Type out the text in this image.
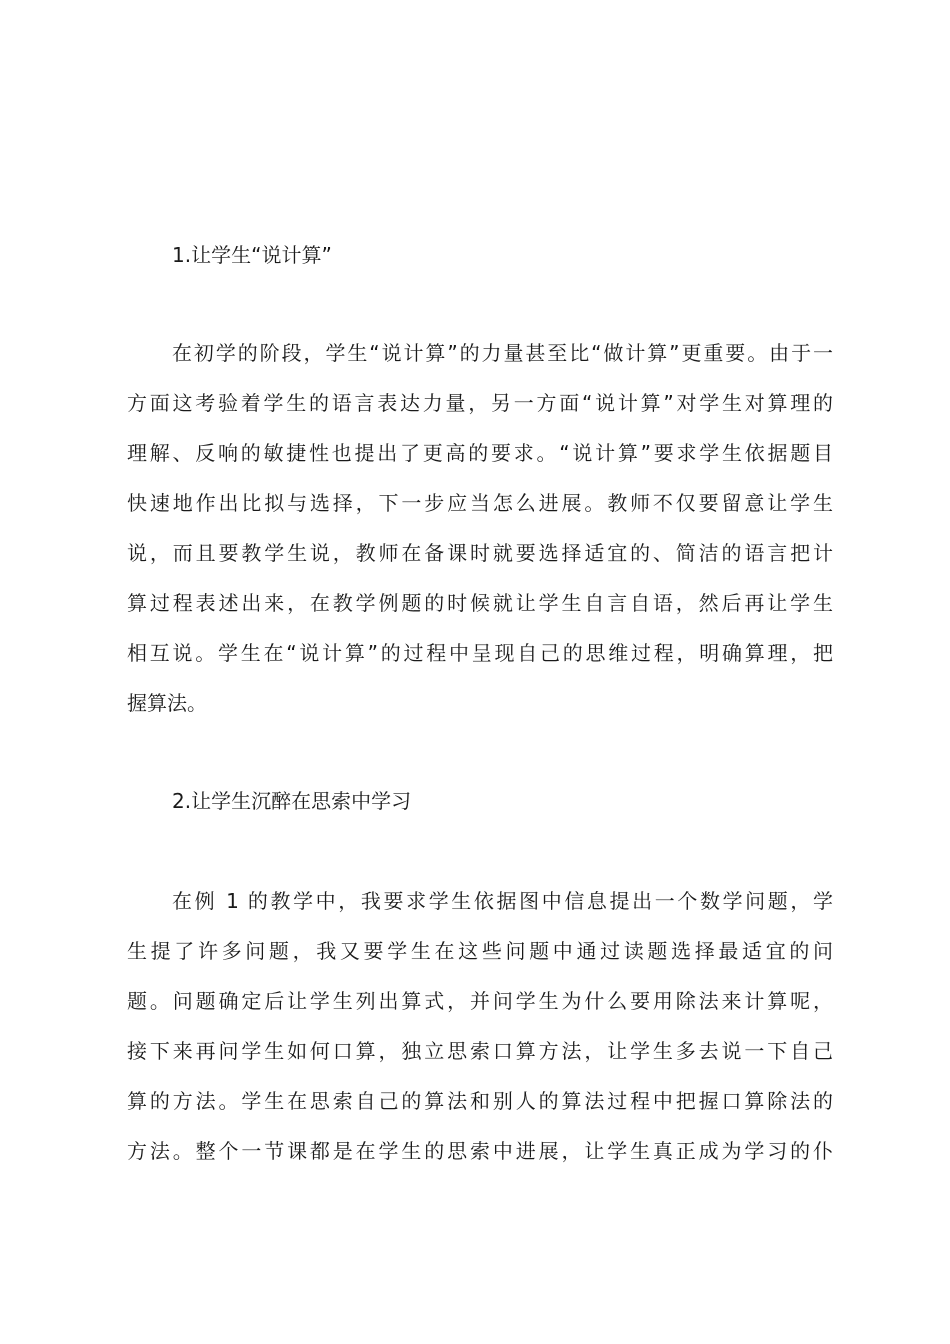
1.让学生“说计算”

在初学的阶段，学生“说计算”的力量甚至比“做计算”更重要。由于一

方面这考验着学生的语言表达力量，另一方面“说计算”对学生对算理的

理解、反响的敏捷性也提出了更高的要求。“说计算”要求学生依据题目

快速地作出比拟与选择，下一步应当怎么进展。教师不仅要留意让学生

说，而且要教学生说，教师在备课时就要选择适宜的、简洁的语言把计

算过程表述出来，在教学例题的时候就让学生自言自语，然后再让学生

相互说。学生在“说计算”的过程中呈现自己的思维过程，明确算理，把

握算法。

2.让学生沉醉在思索中学习

在例 1 的教学中，我要求学生依据图中信息提出一个数学问题，学

生提了许多问题，我又要学生在这些问题中通过读题选择最适宜的问

题。问题确定后让学生列出算式，并问学生为什么要用除法来计算呢，

接下来再问学生如何口算，独立思索口算方法，让学生多去说一下自己

算的方法。学生在思索自己的算法和别人的算法过程中把握口算除法的

方法。整个一节课都是在学生的思索中进展，让学生真正成为学习的仆
